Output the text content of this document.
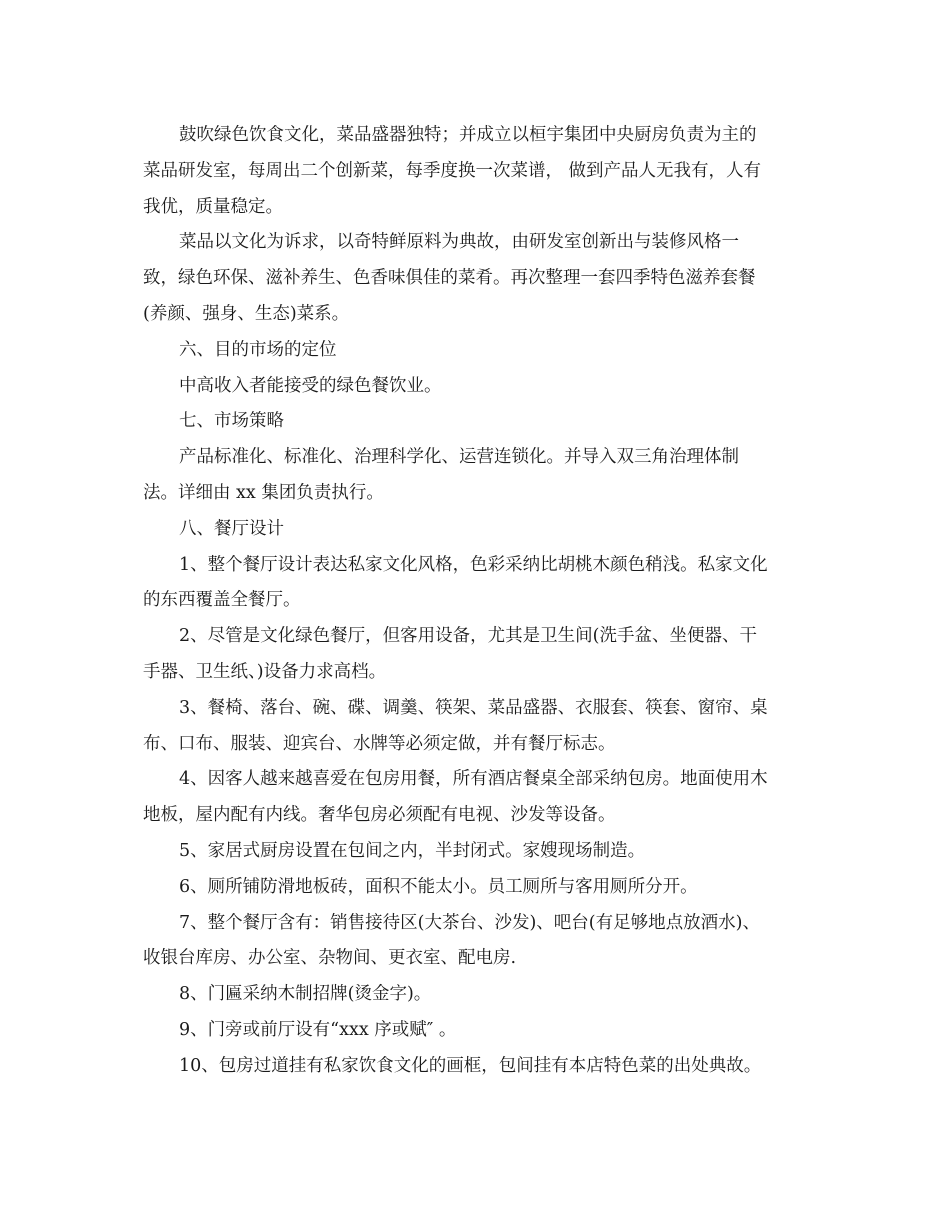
鼓吹绿色饮食文化，菜品盛器独特；并成立以桓宇集团中央厨房负责为主的
菜品研发室，每周出二个创新菜，每季度换一次菜谱， 做到产品人无我有，人有
我优，质量稳定。
菜品以文化为诉求，以奇特鲜原料为典故，由研发室创新出与装修风格一
致，绿色环保、滋补养生、色香味俱佳的菜肴。再次整理一套四季特色滋养套餐
(养颜、强身、生态)菜系。
六、目的市场的定位
中高收入者能接受的绿色餐饮业。
七、市场策略
产品标准化、标准化、治理科学化、运营连锁化。并导入双三角治理体制
法。详细由 xx 集团负责执行。
八、餐厅设计
1、整个餐厅设计表达私家文化风格，色彩采纳比胡桃木颜色稍浅。私家文化
的东西覆盖全餐厅。
2、尽管是文化绿色餐厅，但客用设备，尤其是卫生间(洗手盆、坐便器、干
手器、卫生纸、)设备力求高档。
3、餐椅、落台、碗、碟、调羹、筷架、菜品盛器、衣服套、筷套、窗帘、桌
布、口布、服装、迎宾台、水牌等必须定做，并有餐厅标志。
4、因客人越来越喜爱在包房用餐，所有酒店餐桌全部采纳包房。地面使用木
地板，屋内配有内线。奢华包房必须配有电视、沙发等设备。
5、家居式厨房设置在包间之内，半封闭式。家嫂现场制造。
6、厕所铺防滑地板砖，面积不能太小。员工厕所与客用厕所分开。
7、整个餐厅含有：销售接待区(大茶台、沙发)、吧台(有足够地点放酒水)、
收银台库房、办公室、杂物间、更衣室、配电房.
8、门匾采纳木制招牌(烫金字)。
9、门旁或前厅设有“xxx 序或赋″ 。
10、包房过道挂有私家饮食文化的画框，包间挂有本店特色菜的出处典故。
